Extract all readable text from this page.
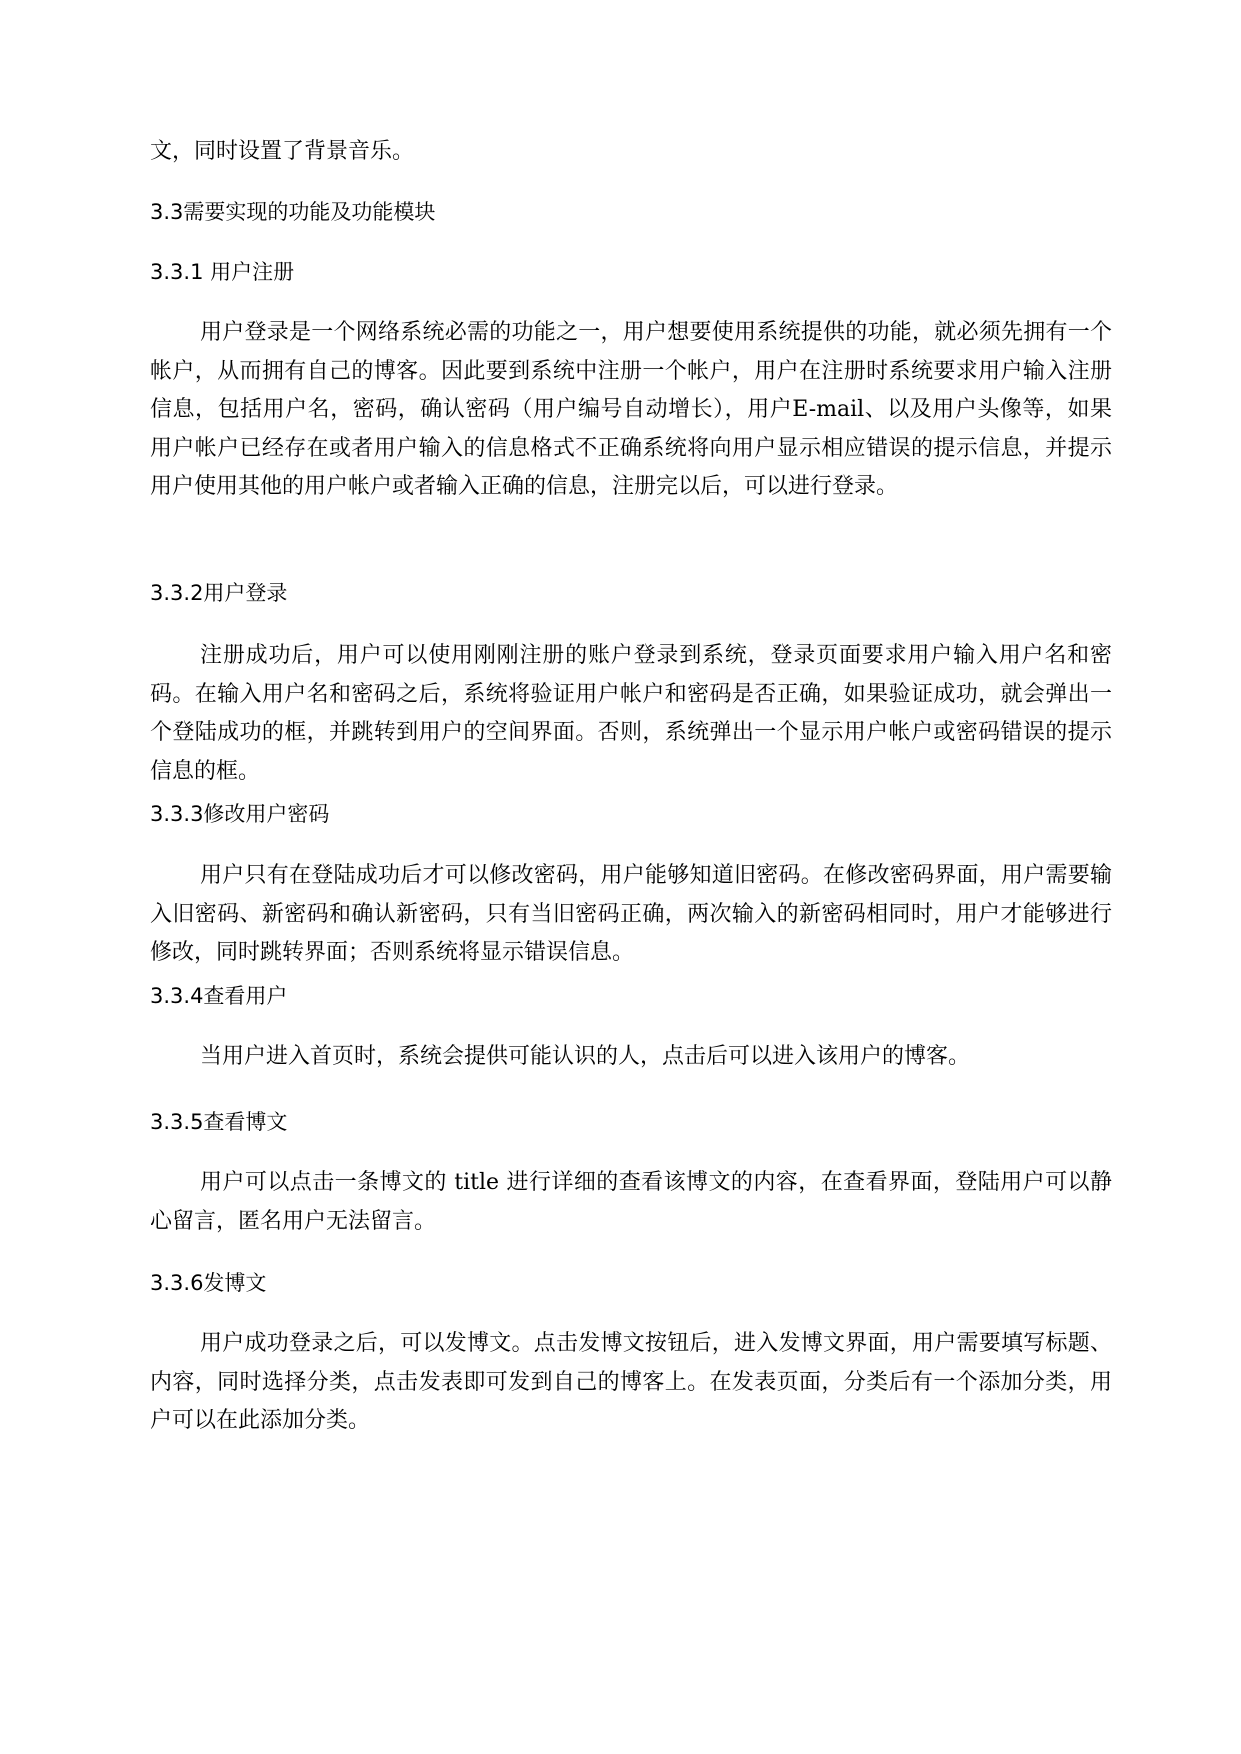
文，同时设置了背景音乐。

3.3需要实现的功能及功能模块

3.3.1 用户注册

用户登录是一个网络系统必需的功能之一，用户想要使用系统提供的功能，就必须先拥有一个帐户，从而拥有自己的博客。因此要到系统中注册一个帐户，用户在注册时系统要求用户输入注册信息，包括用户名，密码，确认密码（用户编号自动增长），用户E-mail、以及用户头像等，如果用户帐户已经存在或者用户输入的信息格式不正确系统将向用户显示相应错误的提示信息，并提示用户使用其他的用户帐户或者输入正确的信息，注册完以后，可以进行登录。

3.3.2用户登录

注册成功后，用户可以使用刚刚注册的账户登录到系统，登录页面要求用户输入用户名和密码。在输入用户名和密码之后，系统将验证用户帐户和密码是否正确，如果验证成功，就会弹出一个登陆成功的框，并跳转到用户的空间界面。否则，系统弹出一个显示用户帐户或密码错误的提示信息的框。

3.3.3修改用户密码

用户只有在登陆成功后才可以修改密码，用户能够知道旧密码。在修改密码界面，用户需要输入旧密码、新密码和确认新密码，只有当旧密码正确，两次输入的新密码相同时，用户才能够进行修改，同时跳转界面；否则系统将显示错误信息。

3.3.4查看用户

当用户进入首页时，系统会提供可能认识的人，点击后可以进入该用户的博客。

3.3.5查看博文

用户可以点击一条博文的 title 进行详细的查看该博文的内容，在查看界面，登陆用户可以静心留言，匿名用户无法留言。

3.3.6发博文

用户成功登录之后，可以发博文。点击发博文按钮后，进入发博文界面，用户需要填写标题、内容，同时选择分类，点击发表即可发到自己的博客上。在发表页面，分类后有一个添加分类，用户可以在此添加分类。
